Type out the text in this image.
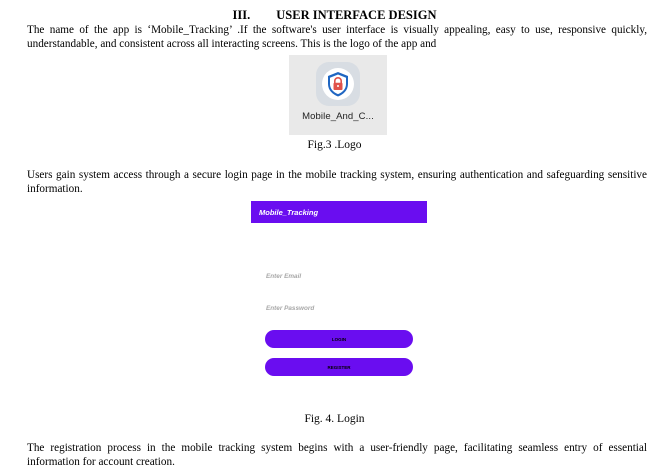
III. USER INTERFACE DESIGN

The name of the app is ‘Mobile_Tracking’ .If the software's user interface is visually appealing, easy to use, responsive quickly, understandable, and consistent across all interacting screens. This is the logo of the app and

Mobile_And_C...
Fig.3 .Logo

Users gain system access through a secure login page in the mobile tracking system, ensuring authentication and safeguarding sensitive information.

Mobile_Tracking
Enter Email
LOGIN
REGISTER
Fig. 4. Login

The registration process in the mobile tracking system begins with a user-friendly page, facilitating seamless entry of essential information for account creation.
